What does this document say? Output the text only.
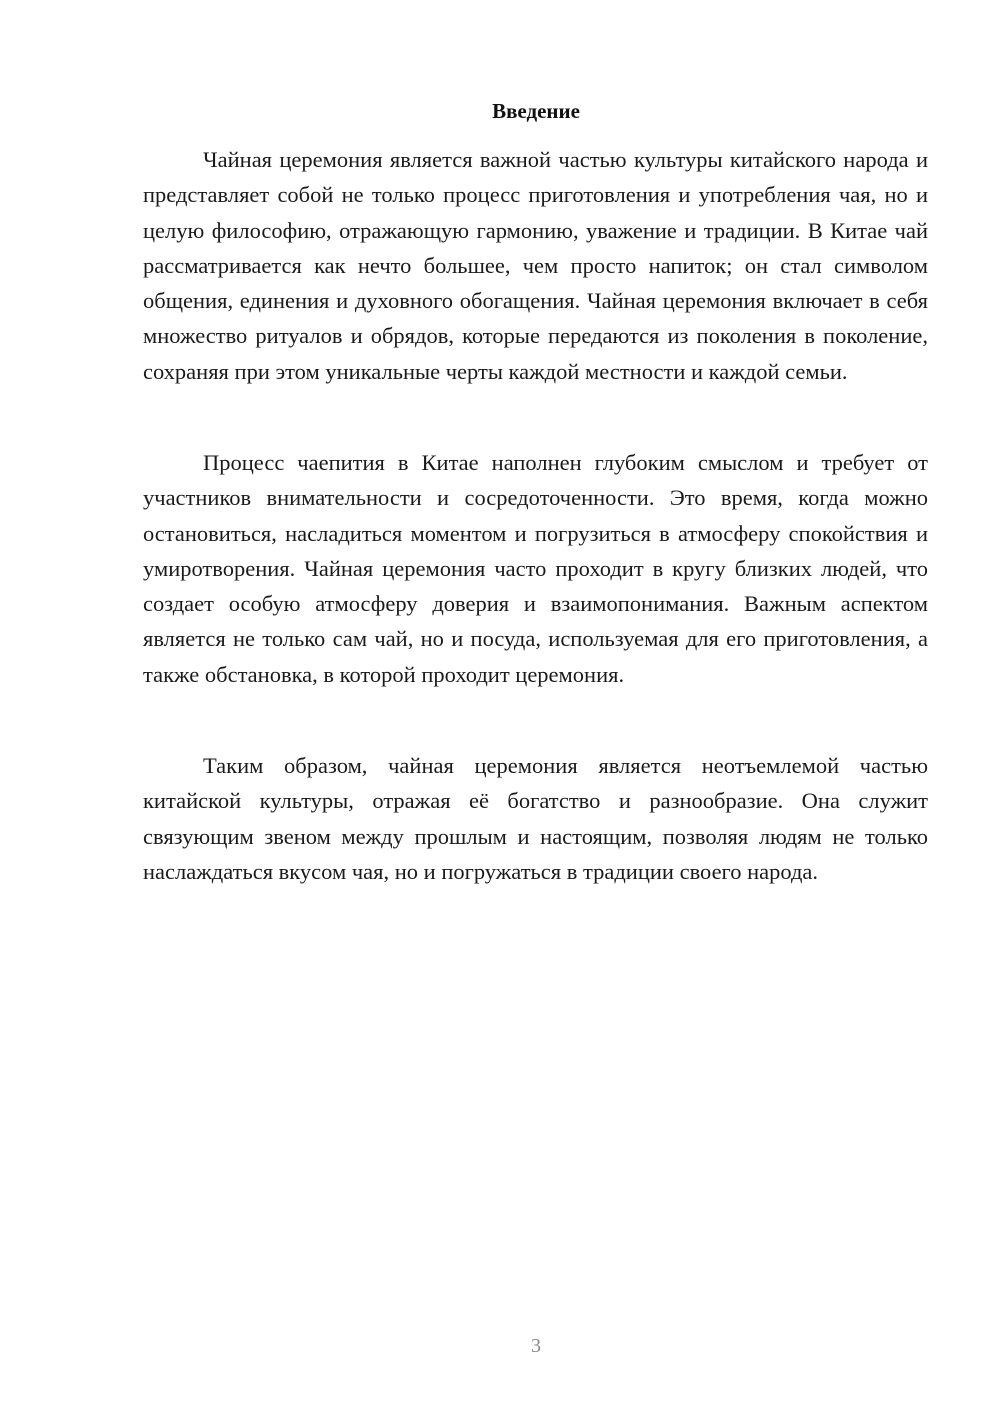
Введение

Чайная церемония является важной частью культуры китайского народа и представляет собой не только процесс приготовления и употребления чая, но и целую философию, отражающую гармонию, уважение и традиции. В Китае чай рассматривается как нечто большее, чем просто напиток; он стал символом общения, единения и духовного обогащения. Чайная церемония включает в себя множество ритуалов и обрядов, которые передаются из поколения в поколение, сохраняя при этом уникальные черты каждой местности и каждой семьи.

Процесс чаепития в Китае наполнен глубоким смыслом и требует от участников внимательности и сосредоточенности. Это время, когда можно остановиться, насладиться моментом и погрузиться в атмосферу спокойствия и умиротворения. Чайная церемония часто проходит в кругу близких людей, что создает особую атмосферу доверия и взаимопонимания. Важным аспектом является не только сам чай, но и посуда, используемая для его приготовления, а также обстановка, в которой проходит церемония.

Таким образом, чайная церемония является неотъемлемой частью китайской культуры, отражая её богатство и разнообразие. Она служит связующим звеном между прошлым и настоящим, позволяя людям не только наслаждаться вкусом чая, но и погружаться в традиции своего народа.

3
